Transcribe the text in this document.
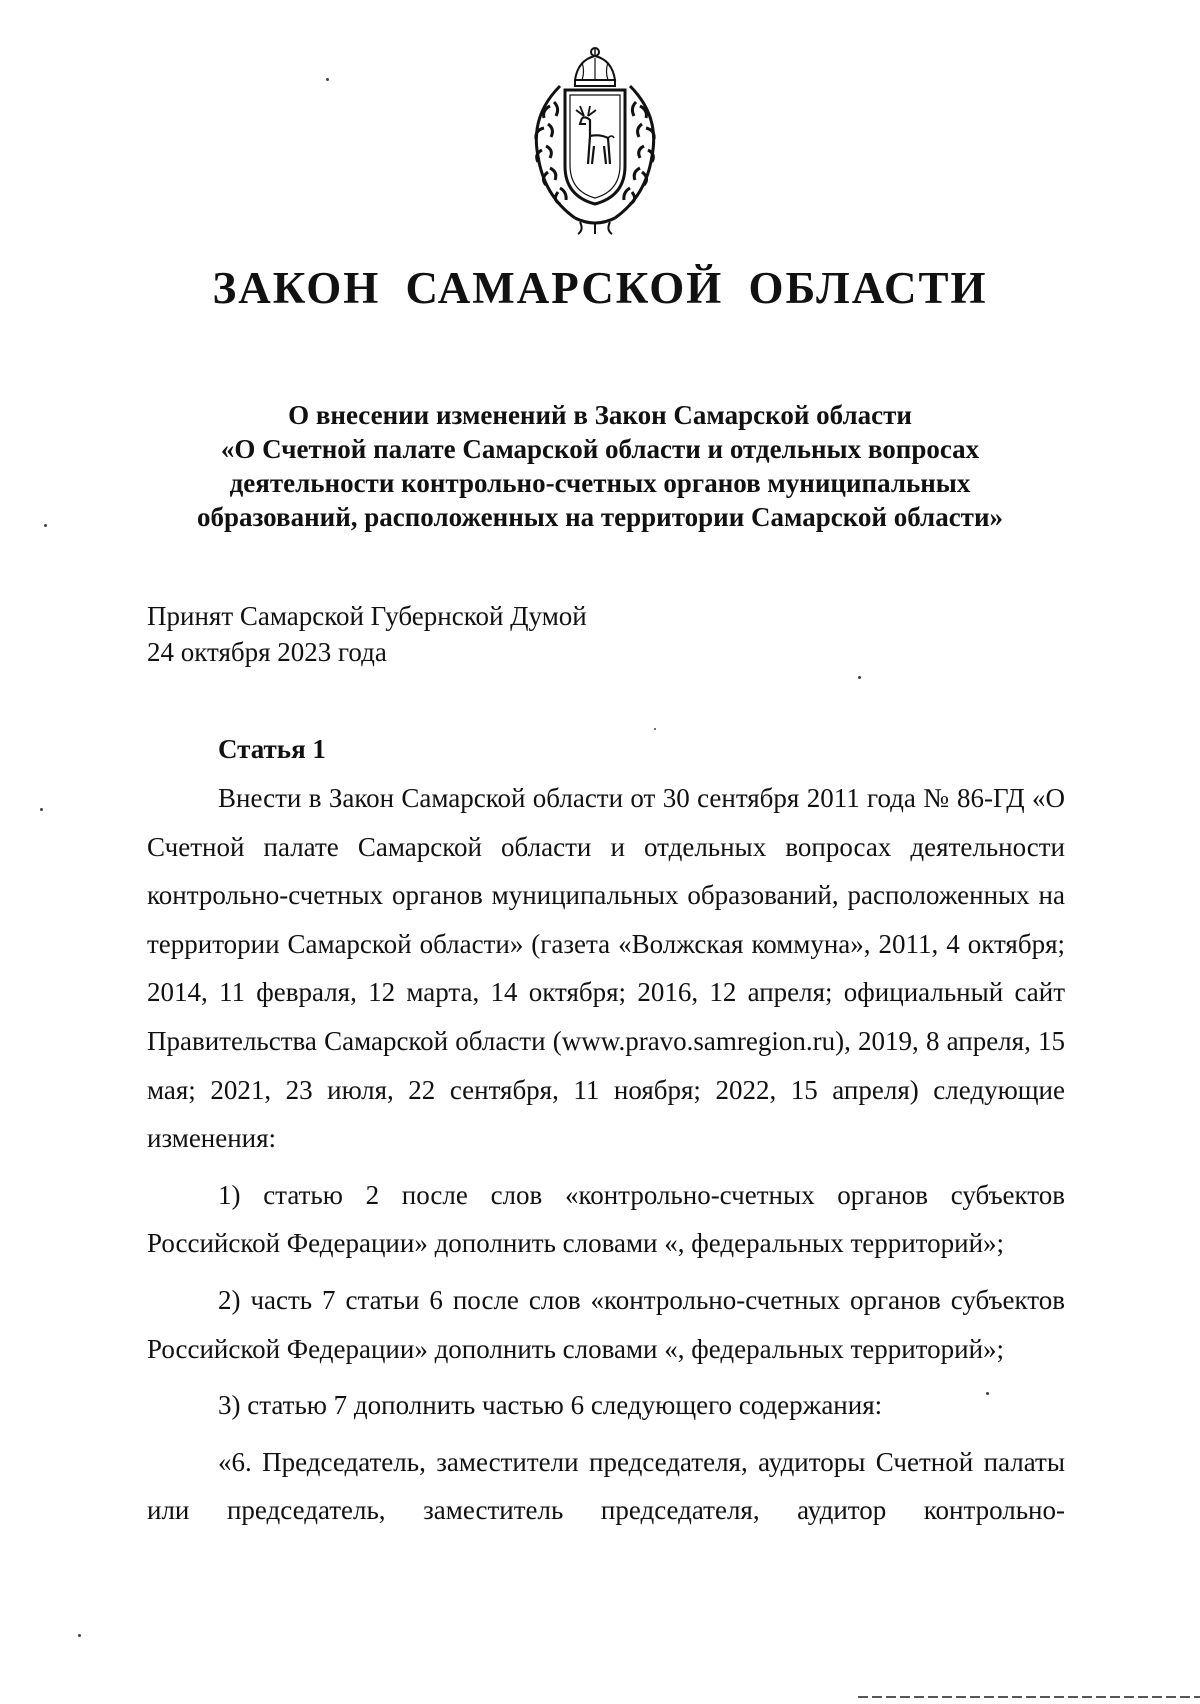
ЗАКОН САМАРСКОЙ ОБЛАСТИ
О внесении изменений в Закон Самарской области
«О Счетной палате Самарской области и отдельных вопросах
деятельности контрольно-счетных органов муниципальных
образований, расположенных на территории Самарской области»
Принят Самарской Губернской Думой
24 октября 2023 года
Статья 1

Внести в Закон Самарской области от 30 сентября 2011 года № 86-ГД «О Счетной палате Самарской области и отдельных вопросах деятельности контрольно-счетных органов муниципальных образований, расположенных на территории Самарской области» (газета «Волжская коммуна», 2011, 4 октября; 2014, 11 февраля, 12 марта, 14 октября; 2016, 12 апреля; официальный сайт Правительства Самарской области (www.pravo.samregion.ru), 2019, 8 апреля, 15 мая; 2021, 23 июля, 22 сентября, 11 ноября; 2022, 15 апреля) следующие изменения:

1) статью 2 после слов «контрольно-счетных органов субъектов Российской Федерации» дополнить словами «, федеральных территорий»;

2) часть 7 статьи 6 после слов «контрольно-счетных органов субъектов Российской Федерации» дополнить словами «, федеральных территорий»;

3) статью 7 дополнить частью 6 следующего содержания:

«6. Председатель, заместители председателя, аудиторы Счетной палаты или председатель, заместитель председателя, аудитор контрольно-
